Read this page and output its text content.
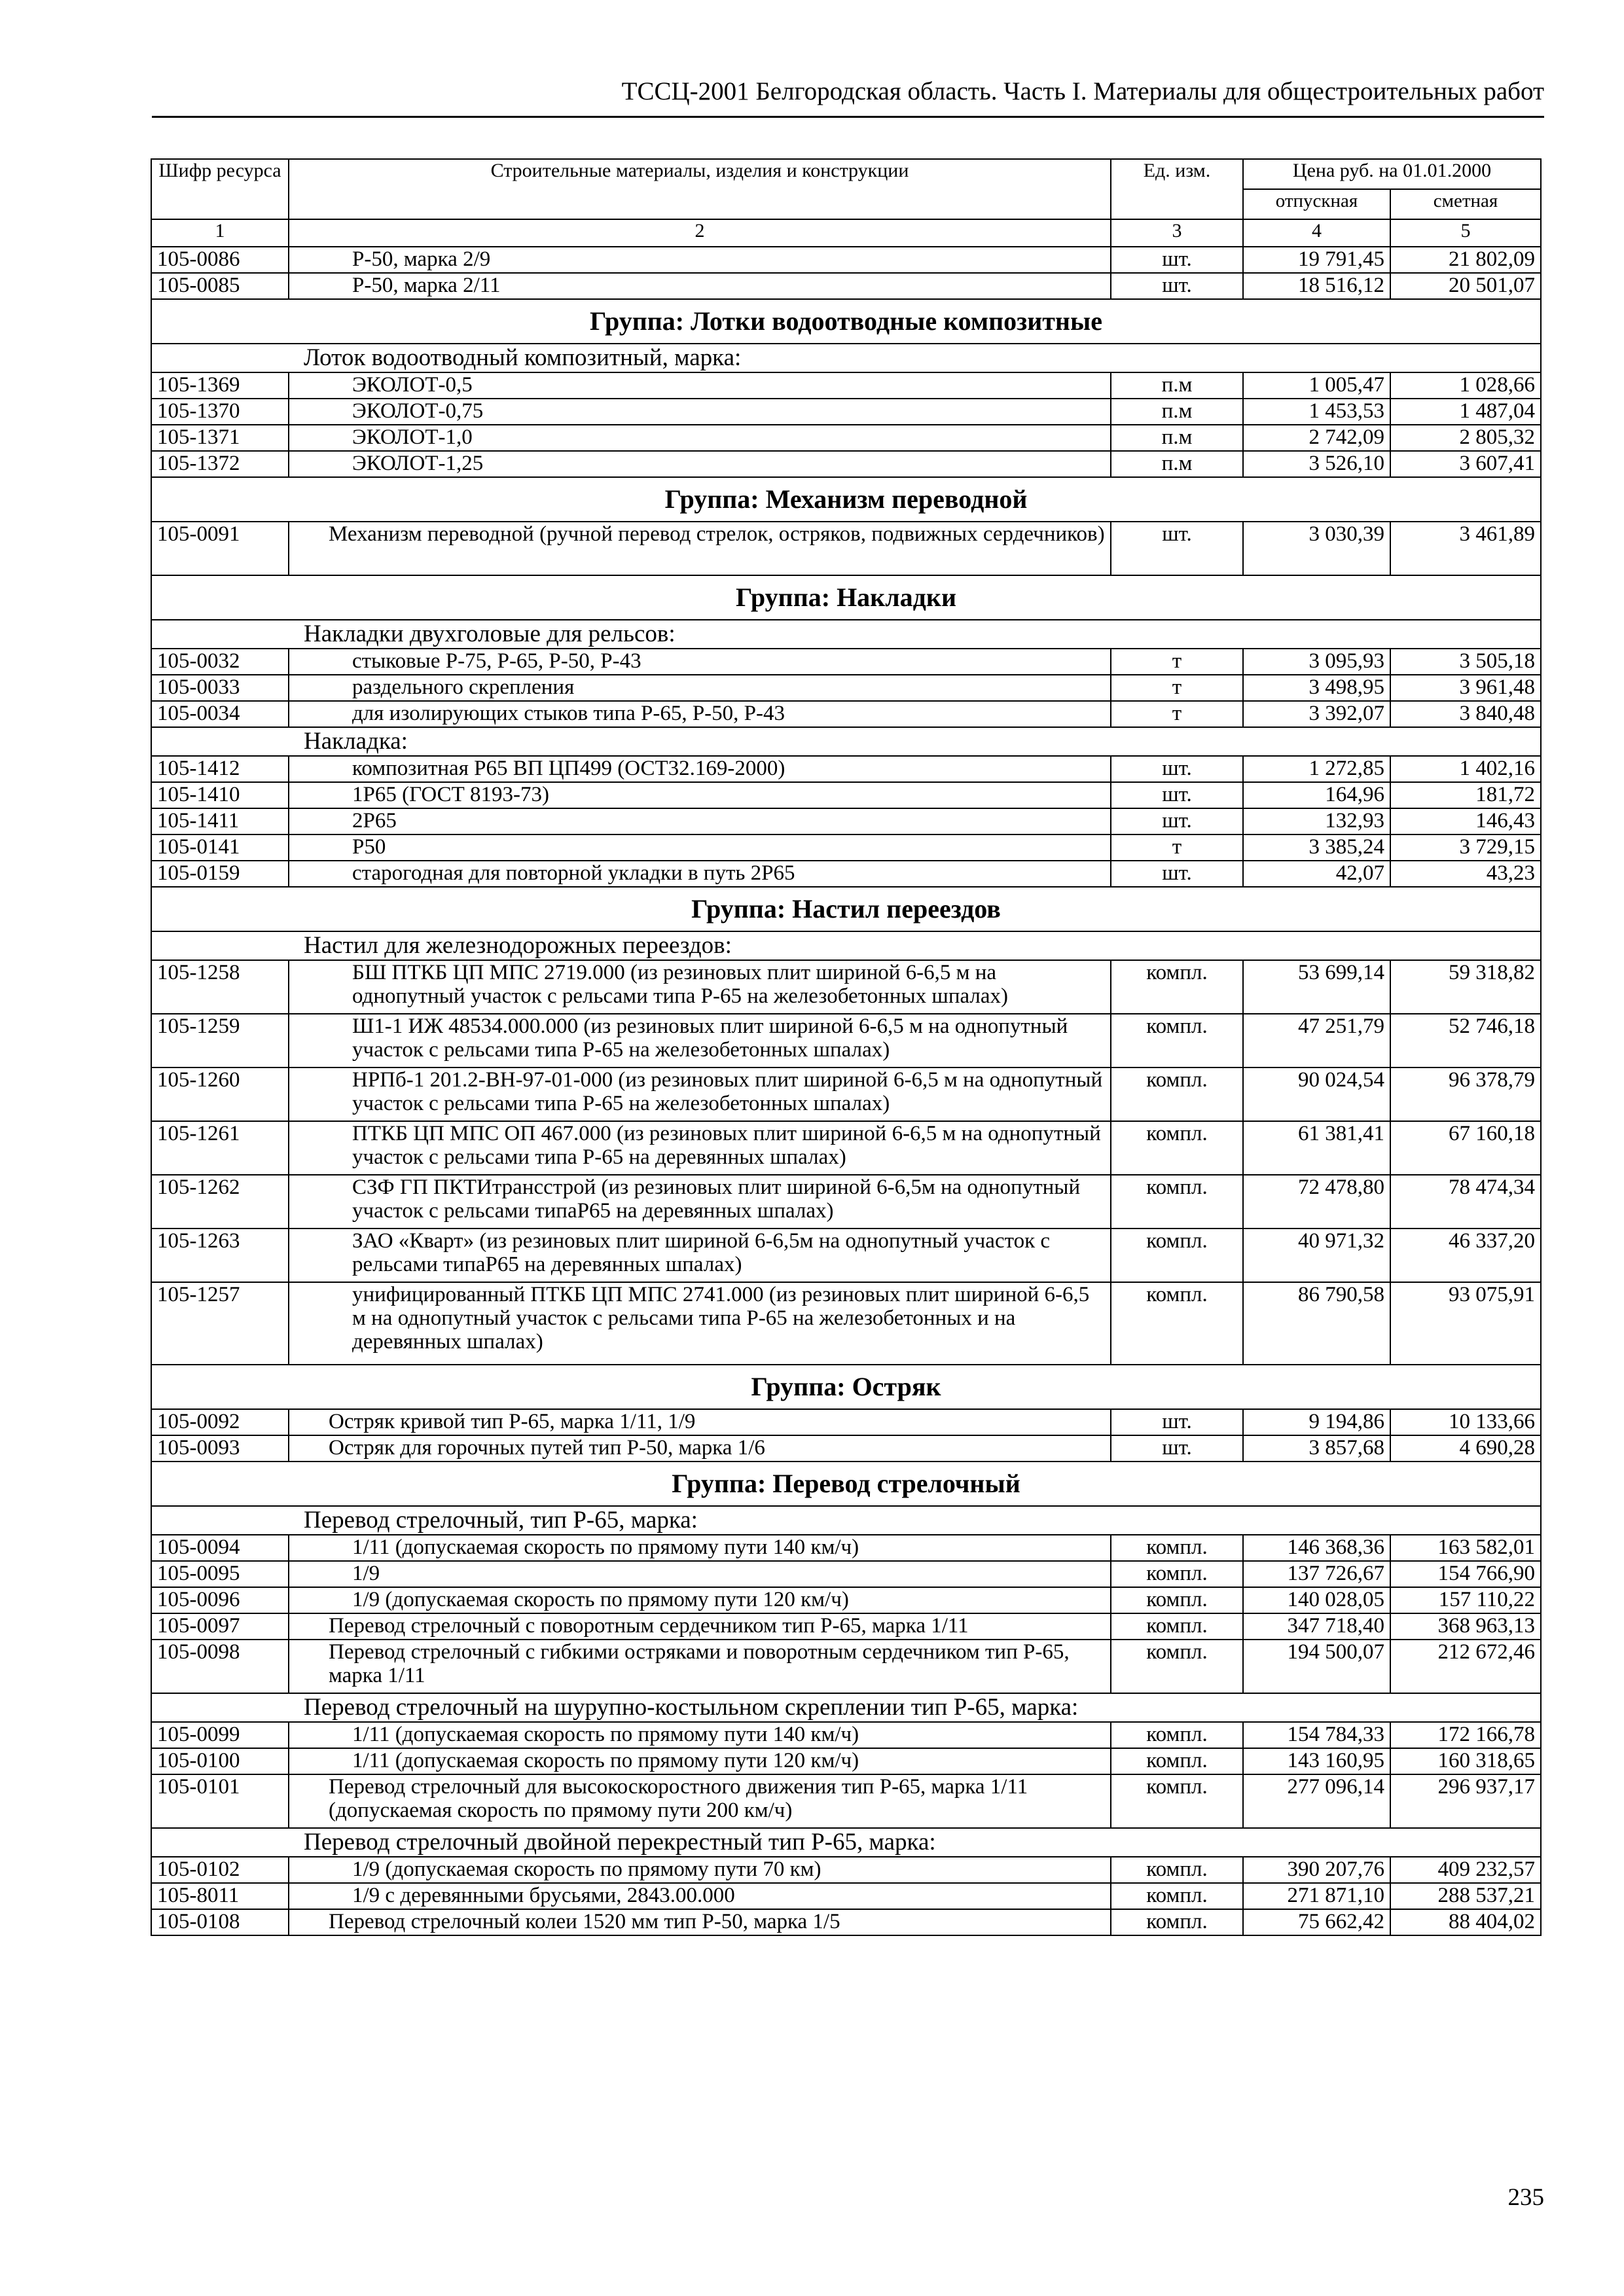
ТССЦ-2001 Белгородская область. Часть I. Материалы для общестроительных работ
Шифр ресурса	Строительные материалы, изделия и конструкции	Ед. изм.	Цена руб. на 01.01.2000	
			отпускная	сметная
1	2	3	4	5
105-0086	Р-50, марка 2/9	шт.	19 791,45	21 802,09
105-0085	Р-50, марка 2/11	шт.	18 516,12	20 501,07
Группа: Лотки водоотводные композитные				
Лоток водоотводный композитный, марка:				
105-1369	ЭКОЛОТ-0,5	п.м	1 005,47	1 028,66
105-1370	ЭКОЛОТ-0,75	п.м	1 453,53	1 487,04
105-1371	ЭКОЛОТ-1,0	п.м	2 742,09	2 805,32
105-1372	ЭКОЛОТ-1,25	п.м	3 526,10	3 607,41
Группа: Механизм переводной				
105-0091	Механизм переводной (ручной перевод стрелок, остряков, подвижных сердечников)	шт.	3 030,39	3 461,89
Группа: Накладки				
Накладки двухголовые для рельсов:				
105-0032	стыковые Р-75, Р-65, Р-50, Р-43	т	3 095,93	3 505,18
105-0033	раздельного скрепления	т	3 498,95	3 961,48
105-0034	для изолирующих стыков типа Р-65, Р-50, Р-43	т	3 392,07	3 840,48
Накладка:				
105-1412	композитная Р65 ВП ЦП499 (ОСТ32.169-2000)	шт.	1 272,85	1 402,16
105-1410	1Р65 (ГОСТ 8193-73)	шт.	164,96	181,72
105-1411	2Р65	шт.	132,93	146,43
105-0141	Р50	т	3 385,24	3 729,15
105-0159	старогодная для повторной укладки в путь 2Р65	шт.	42,07	43,23
Группа: Настил переездов				
Настил для железнодорожных переездов:				
105-1258	БШ ПТКБ ЦП МПС 2719.000 (из резиновых плит шириной 6-6,5 м на однопутный участок с рельсами типа Р-65 на железобетонных шпалах)	компл.	53 699,14	59 318,82
105-1259	Ш1-1 ИЖ 48534.000.000 (из резиновых плит шириной 6-6,5 м на однопутный участок с рельсами типа Р-65 на железобетонных шпалах)	компл.	47 251,79	52 746,18
105-1260	НРПб-1 201.2-ВН-97-01-000 (из резиновых плит шириной 6-6,5 м на однопутный участок с рельсами типа Р-65 на железобетонных шпалах)	компл.	90 024,54	96 378,79
105-1261	ПТКБ ЦП МПС ОП 467.000 (из резиновых плит шириной 6-6,5 м на однопутный участок с рельсами типа Р-65 на деревянных шпалах)	компл.	61 381,41	67 160,18
105-1262	СЗФ ГП ПКТИтрансстрой (из резиновых плит шириной 6-6,5м на однопутный участок с рельсами типаР65 на деревянных шпалах)	компл.	72 478,80	78 474,34
105-1263	ЗАО «Кварт» (из резиновых плит шириной 6-6,5м на однопутный участок с рельсами типаР65 на деревянных шпалах)	компл.	40 971,32	46 337,20
105-1257	унифицированный ПТКБ ЦП МПС 2741.000 (из резиновых плит шириной 6-6,5 м на однопутный участок с рельсами типа Р-65 на железобетонных и на деревянных шпалах)	компл.	86 790,58	93 075,91
Группа: Остряк				
105-0092	Остряк кривой тип Р-65, марка 1/11, 1/9	шт.	9 194,86	10 133,66
105-0093	Остряк для горочных путей тип Р-50, марка 1/6	шт.	3 857,68	4 690,28
Группа: Перевод стрелочный				
Перевод стрелочный, тип Р-65, марка:				
105-0094	1/11 (допускаемая скорость по прямому пути 140 км/ч)	компл.	146 368,36	163 582,01
105-0095	1/9	компл.	137 726,67	154 766,90
105-0096	1/9 (допускаемая скорость по прямому пути 120 км/ч)	компл.	140 028,05	157 110,22
105-0097	Перевод стрелочный с поворотным сердечником тип Р-65, марка 1/11	компл.	347 718,40	368 963,13
105-0098	Перевод стрелочный с гибкими остряками и поворотным сердечником тип Р-65, марка 1/11	компл.	194 500,07	212 672,46
Перевод стрелочный на шурупно-костыльном скреплении тип Р-65, марка:				
105-0099	1/11 (допускаемая скорость по прямому пути 140 км/ч)	компл.	154 784,33	172 166,78
105-0100	1/11 (допускаемая скорость по прямому пути 120 км/ч)	компл.	143 160,95	160 318,65
105-0101	Перевод стрелочный для высокоскоростного движения тип Р-65, марка 1/11 (допускаемая скорость по прямому пути 200 км/ч)	компл.	277 096,14	296 937,17
Перевод стрелочный двойной перекрестный тип Р-65, марка:				
105-0102	1/9 (допускаемая скорость по прямому пути 70 км)	компл.	390 207,76	409 232,57
105-8011	1/9 с деревянными брусьями, 2843.00.000	компл.	271 871,10	288 537,21
105-0108	Перевод стрелочный колеи 1520 мм тип Р-50, марка 1/5	компл.	75 662,42	88 404,02
235
